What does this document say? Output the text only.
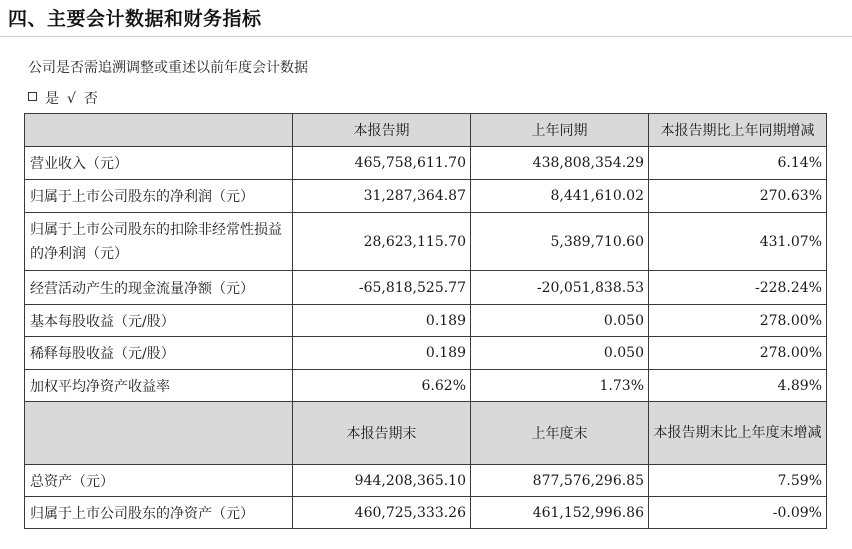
四、主要会计数据和财务指标
公司是否需追溯调整或重述以前年度会计数据
是 √ 否
	本报告期	上年同期	本报告期比上年同期增减
营业收入（元）	465,758,611.70	438,808,354.29	6.14%
归属于上市公司股东的净利润（元）	31,287,364.87	8,441,610.02	270.63%
归属于上市公司股东的扣除非经常性损益的净利润（元）	28,623,115.70	5,389,710.60	431.07%
经营活动产生的现金流量净额（元）	-65,818,525.77	-20,051,838.53	-228.24%
基本每股收益（元/股）	0.189	0.050	278.00%
稀释每股收益（元/股）	0.189	0.050	278.00%
加权平均净资产收益率	6.62%	1.73%	4.89%
	本报告期末	上年度末	本报告期末比上年度末增减
总资产（元）	944,208,365.10	877,576,296.85	7.59%
归属于上市公司股东的净资产（元）	460,725,333.26	461,152,996.86	-0.09%
